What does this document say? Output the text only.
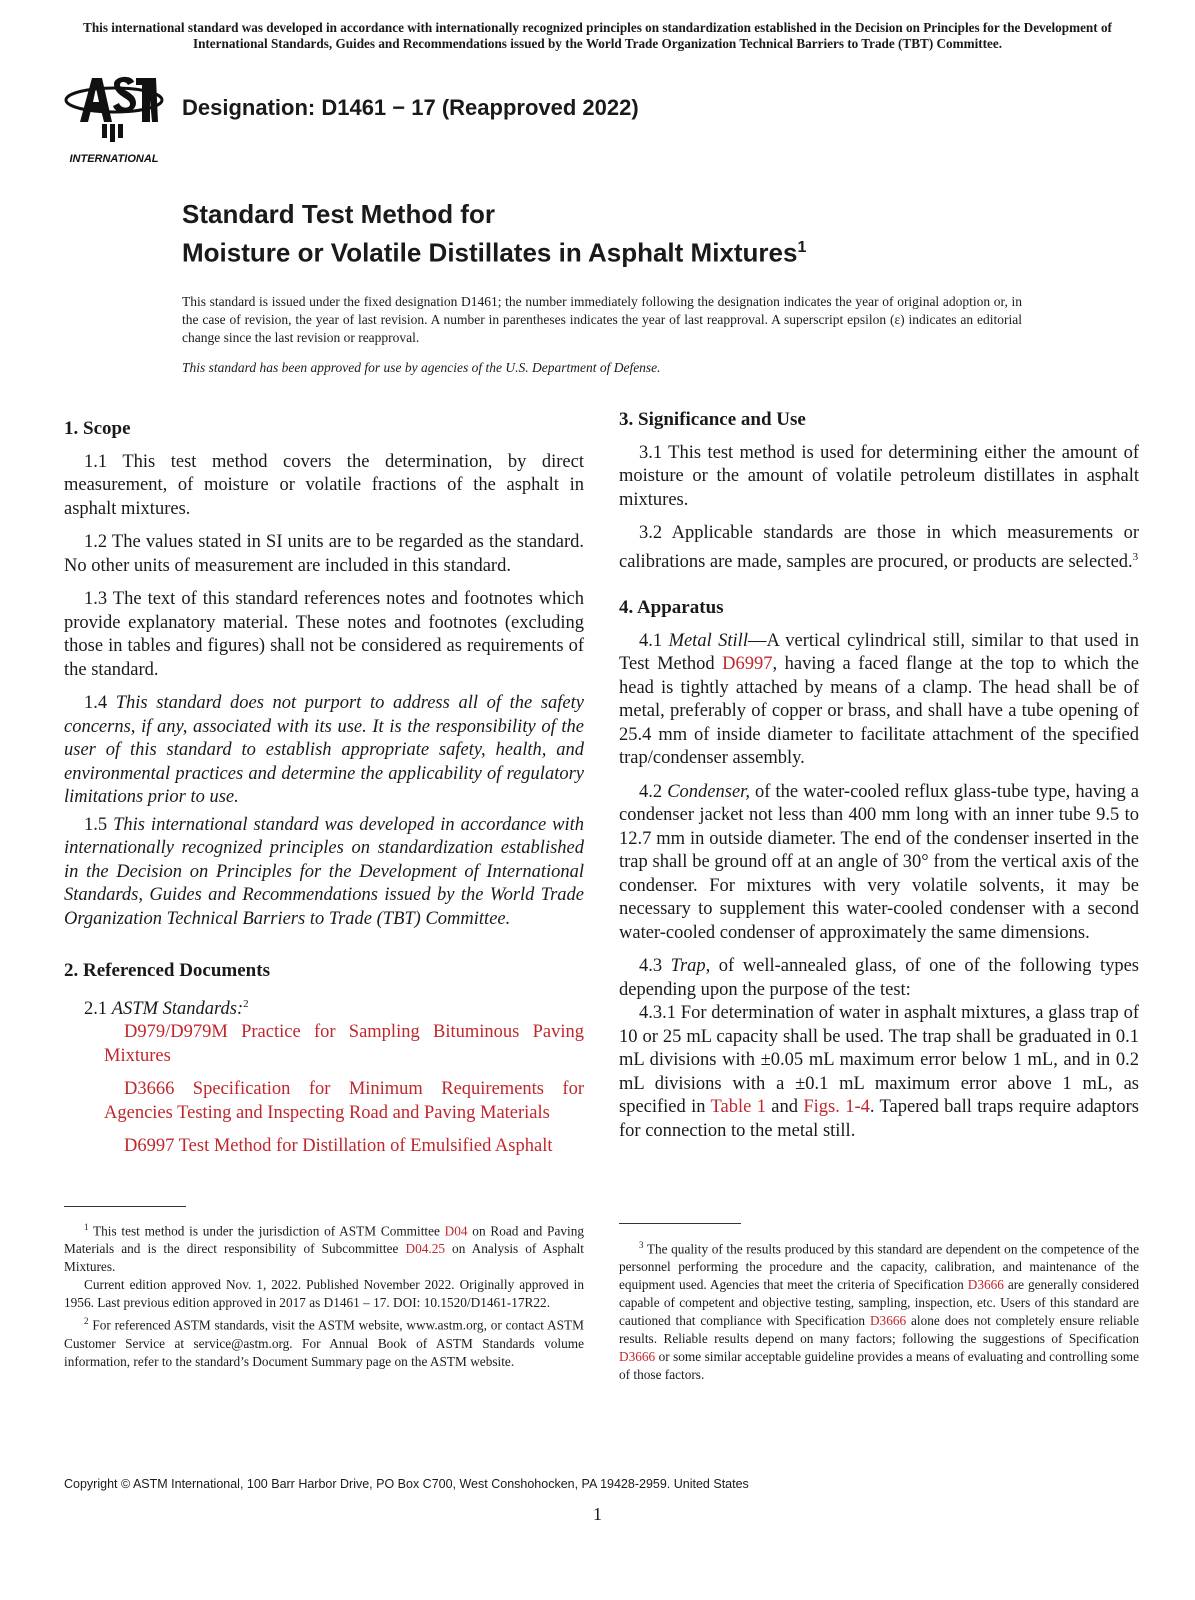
This international standard was developed in accordance with internationally recognized principles on standardization established in the Decision on Principles for the Development of International Standards, Guides and Recommendations issued by the World Trade Organization Technical Barriers to Trade (TBT) Committee.
INTERNATIONAL
Designation: D1461 − 17 (Reapproved 2022)
Standard Test Method for
Moisture or Volatile Distillates in Asphalt Mixtures$^1$
This standard is issued under the fixed designation D1461; the number immediately following the designation indicates the year of original adoption or, in the case of revision, the year of last revision. A number in parentheses indicates the year of last reapproval. A superscript epsilon (ε) indicates an editorial change since the last revision or reapproval.
This standard has been approved for use by agencies of the U.S. Department of Defense.
1. Scope

1.1 This test method covers the determination, by direct measurement, of moisture or volatile fractions of the asphalt in asphalt mixtures.

1.2 The values stated in SI units are to be regarded as the standard. No other units of measurement are included in this standard.

1.3 The text of this standard references notes and footnotes which provide explanatory material. These notes and footnotes (excluding those in tables and figures) shall not be considered as requirements of the standard.

1.4 This standard does not purport to address all of the safety concerns, if any, associated with its use. It is the responsibility of the user of this standard to establish appropriate safety, health, and environmental practices and determine the applicability of regulatory limitations prior to use.

1.5 This international standard was developed in accordance with internationally recognized principles on standardization established in the Decision on Principles for the Development of International Standards, Guides and Recommendations issued by the World Trade Organization Technical Barriers to Trade (TBT) Committee.

2. Referenced Documents

2.1 ASTM Standards:$^2$

D979/D979M Practice for Sampling Bituminous Paving Mixtures

D3666 Specification for Minimum Requirements for Agencies Testing and Inspecting Road and Paving Materials

D6997 Test Method for Distillation of Emulsified Asphalt

3. Significance and Use

3.1 This test method is used for determining either the amount of moisture or the amount of volatile petroleum distillates in asphalt mixtures.

3.2 Applicable standards are those in which measurements or calibrations are made, samples are procured, or products are selected.$^3$

4. Apparatus

4.1 Metal Still—A vertical cylindrical still, similar to that used in Test Method D6997, having a faced flange at the top to which the head is tightly attached by means of a clamp. The head shall be of metal, preferably of copper or brass, and shall have a tube opening of 25.4 mm of inside diameter to facilitate attachment of the specified trap/condenser assembly.

4.2 Condenser, of the water-cooled reflux glass-tube type, having a condenser jacket not less than 400 mm long with an inner tube 9.5 to 12.7 mm in outside diameter. The end of the condenser inserted in the trap shall be ground off at an angle of 30° from the vertical axis of the condenser. For mixtures with very volatile solvents, it may be necessary to supplement this water-cooled condenser with a second water-cooled condenser of approximately the same dimensions.

4.3 Trap, of well-annealed glass, of one of the following types depending upon the purpose of the test:

4.3.1 For determination of water in asphalt mixtures, a glass trap of 10 or 25 mL capacity shall be used. The trap shall be graduated in 0.1 mL divisions with ±0.05 mL maximum error below 1 mL, and in 0.2 mL divisions with a ±0.1 mL maximum error above 1 mL, as specified in Table 1 and Figs. 1-4. Tapered ball traps require adaptors for connection to the metal still.

$^1$ This test method is under the jurisdiction of ASTM Committee D04 on Road and Paving Materials and is the direct responsibility of Subcommittee D04.25 on Analysis of Asphalt Mixtures.

Current edition approved Nov. 1, 2022. Published November 2022. Originally approved in 1956. Last previous edition approved in 2017 as D1461 – 17. DOI: 10.1520/D1461-17R22.

$^2$ For referenced ASTM standards, visit the ASTM website, www.astm.org, or contact ASTM Customer Service at service@astm.org. For Annual Book of ASTM Standards volume information, refer to the standard’s Document Summary page on the ASTM website.

$^3$ The quality of the results produced by this standard are dependent on the competence of the personnel performing the procedure and the capacity, calibration, and maintenance of the equipment used. Agencies that meet the criteria of Specification D3666 are generally considered capable of competent and objective testing, sampling, inspection, etc. Users of this standard are cautioned that compliance with Specification D3666 alone does not completely ensure reliable results. Reliable results depend on many factors; following the suggestions of Specification D3666 or some similar acceptable guideline provides a means of evaluating and controlling some of those factors.

Copyright © ASTM International, 100 Barr Harbor Drive, PO Box C700, West Conshohocken, PA 19428-2959. United States
1
